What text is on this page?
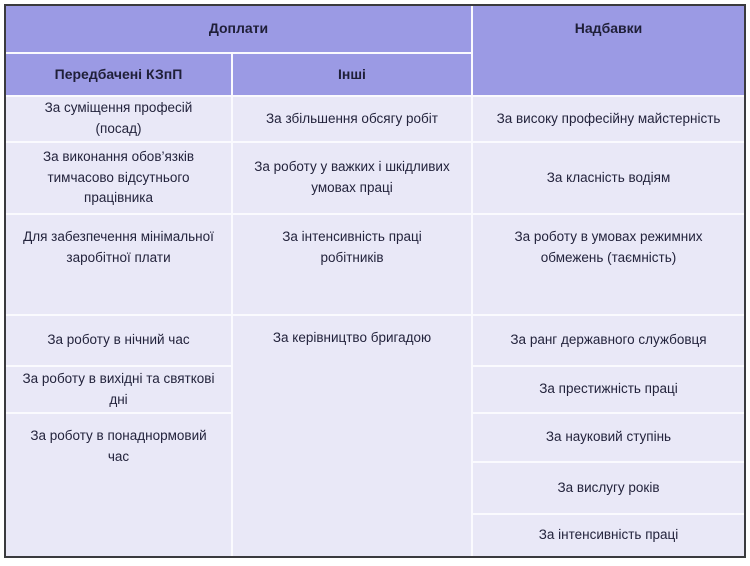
Доплати	Надбавки
Передбачені КЗпП	Інші
За суміщення професій (посад)
За виконання обов’язків тимчасово відсутнього працівника
Для забезпечення мінімальної заробітної плати
За роботу в нічний час
За роботу в вихідні та святкові дні
За роботу в понаднормовий час
За збільшення обсягу робіт
За роботу у важких і шкідливих умовах праці
За інтенсивність праці робітників
За керівництво бригадою
За високу професійну майстерність
За класність водіям
За роботу в умовах режимних обмежень (таємність)
За ранг державного службовця
За престижність праці
За науковий ступінь
За вислугу років
За інтенсивність праці
